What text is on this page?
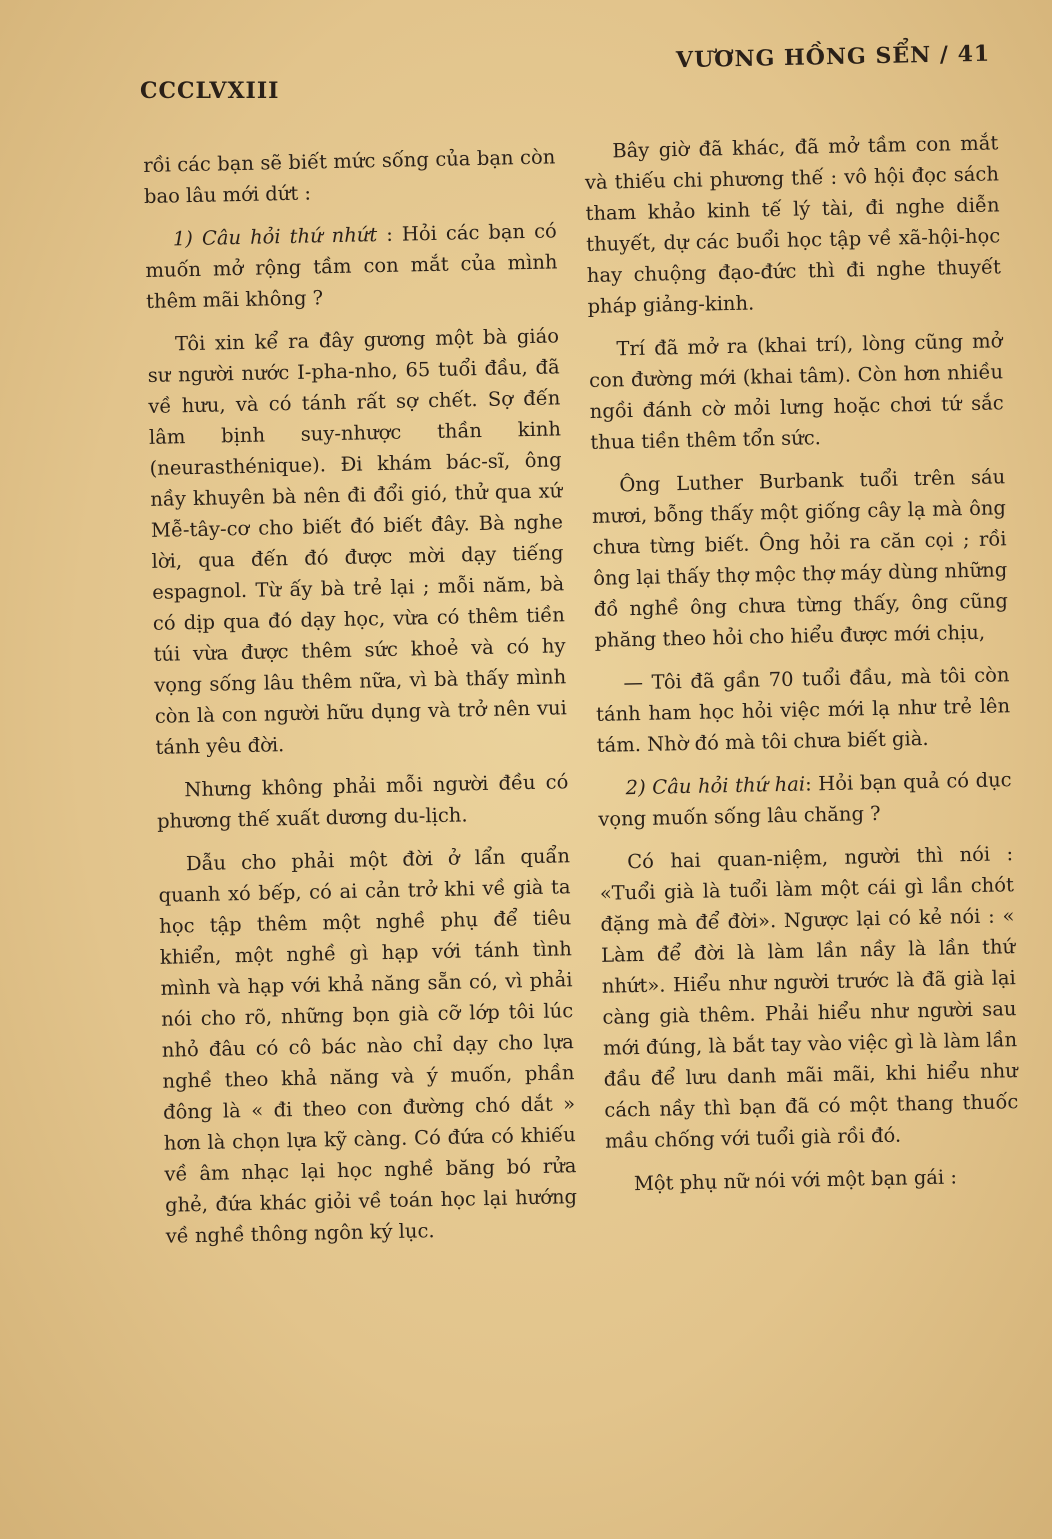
CCCLVXIII
VƯƠNG HỒNG SỂN / 41

rồi các bạn sẽ biết mức sống của bạn còn bao lâu mới dứt :

1) Câu hỏi thứ nhứt : Hỏi các bạn có muốn mở rộng tầm con mắt của mình thêm mãi không ?

Tôi xin kể ra đây gương một bà giáo sư người nước I-pha-nho, 65 tuổi đầu, đã về hưu, và có tánh rất sợ chết. Sợ đến lâm bịnh suy-nhược thần kinh (neurasthénique). Đi khám bác-sĩ, ông nầy khuyên bà nên đi đổi gió, thử qua xứ Mễ-tây-cơ cho biết đó biết đây. Bà nghe lời, qua đến đó được mời dạy tiếng espagnol. Từ ấy bà trẻ lại ; mỗi năm, bà có dịp qua đó dạy học, vừa có thêm tiền túi vừa được thêm sức khoẻ và có hy vọng sống lâu thêm nữa, vì bà thấy mình còn là con người hữu dụng và trở nên vui tánh yêu đời.

Nhưng không phải mỗi người đều có phương thế xuất dương du-lịch.

Dẫu cho phải một đời ở lẩn quẩn quanh xó bếp, có ai cản trở khi về già ta học tập thêm một nghề phụ để tiêu khiển, một nghề gì hạp với tánh tình mình và hạp với khả năng sẵn có, vì phải nói cho rõ, những bọn già cỡ lớp tôi lúc nhỏ đâu có cô bác nào chỉ dạy cho lựa nghề theo khả năng và ý muốn, phần đông là « đi theo con đường chó dắt » hơn là chọn lựa kỹ càng. Có đứa có khiếu về âm nhạc lại học nghề băng bó rửa ghẻ, đứa khác giỏi về toán học lại hướng về nghề thông ngôn ký lục.

Bây giờ đã khác, đã mở tầm con mắt và thiếu chi phương thế : vô hội đọc sách tham khảo kinh tế lý tài, đi nghe diễn thuyết, dự các buổi học tập về xã-hội-học hay chuộng đạo-đức thì đi nghe thuyết pháp giảng-kinh.

Trí đã mở ra (khai trí), lòng cũng mở con đường mới (khai tâm). Còn hơn nhiều ngồi đánh cờ mỏi lưng hoặc chơi tứ sắc thua tiền thêm tổn sức.

Ông Luther Burbank tuổi trên sáu mươi, bỗng thấy một giống cây lạ mà ông chưa từng biết. Ông hỏi ra căn cọi ; rồi ông lại thấy thợ mộc thợ máy dùng những đồ nghề ông chưa từng thấy, ông cũng phăng theo hỏi cho hiểu được mới chịu,

— Tôi đã gần 70 tuổi đầu, mà tôi còn tánh ham học hỏi việc mới lạ như trẻ lên tám. Nhờ đó mà tôi chưa biết già.

2) Câu hỏi thứ hai: Hỏi bạn quả có dục vọng muốn sống lâu chăng ?

Có hai quan-niệm, người thì nói : «Tuổi già là tuổi làm một cái gì lần chót đặng mà để đời». Ngược lại có kẻ nói : « Làm để đời là làm lần nầy là lần thứ nhứt». Hiểu như người trước là đã già lại càng già thêm. Phải hiểu như người sau mới đúng, là bắt tay vào việc gì là làm lần đầu để lưu danh mãi mãi, khi hiểu như cách nầy thì bạn đã có một thang thuốc mầu chống với tuổi già rồi đó.

Một phụ nữ nói với một bạn gái :
